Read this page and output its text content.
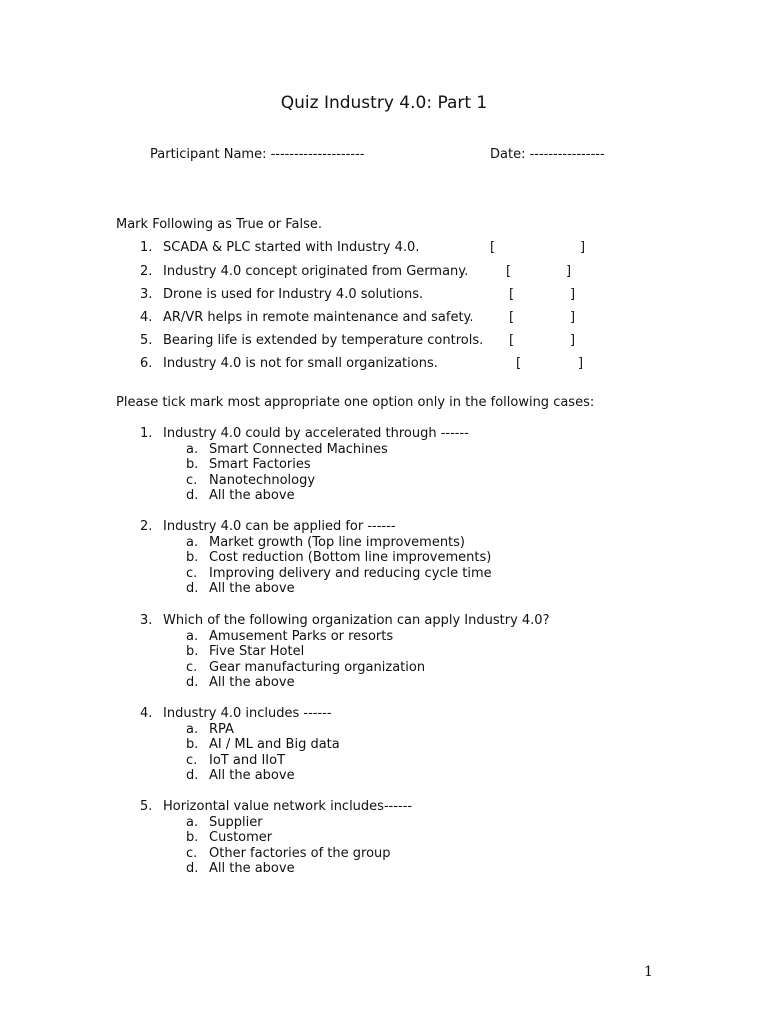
Quiz Industry 4.0: Part 1
Participant Name: --------------------	Date: ----------------
Mark Following as True or False.
1. SCADA & PLC started with Industry 4.0.	[	]
2. Industry 4.0 concept originated from Germany.	[	]
3. Drone is used for Industry 4.0 solutions.	[	]
4. AR/VR helps in remote maintenance and safety.	[	]
5. Bearing life is extended by temperature controls. [	]
6. Industry 4.0 is not for small organizations.	[	]
Please tick mark most appropriate one option only in the following cases:
1. Industry 4.0 could by accelerated through ------
a. Smart Connected Machines
b. Smart Factories
c. Nanotechnology
d. All the above
2. Industry 4.0 can be applied for ------
a. Market growth (Top line improvements)
b. Cost reduction (Bottom line improvements)
c. Improving delivery and reducing cycle time
d. All the above
3. Which of the following organization can apply Industry 4.0?
a. Amusement Parks or resorts
b. Five Star Hotel
c. Gear manufacturing organization
d. All the above
4. Industry 4.0 includes ------
a. RPA
b. AI / ML and Big data
c. IoT and IIoT
d. All the above
5. Horizontal value network includes------
a. Supplier
b. Customer
c. Other factories of the group
d. All the above
1
